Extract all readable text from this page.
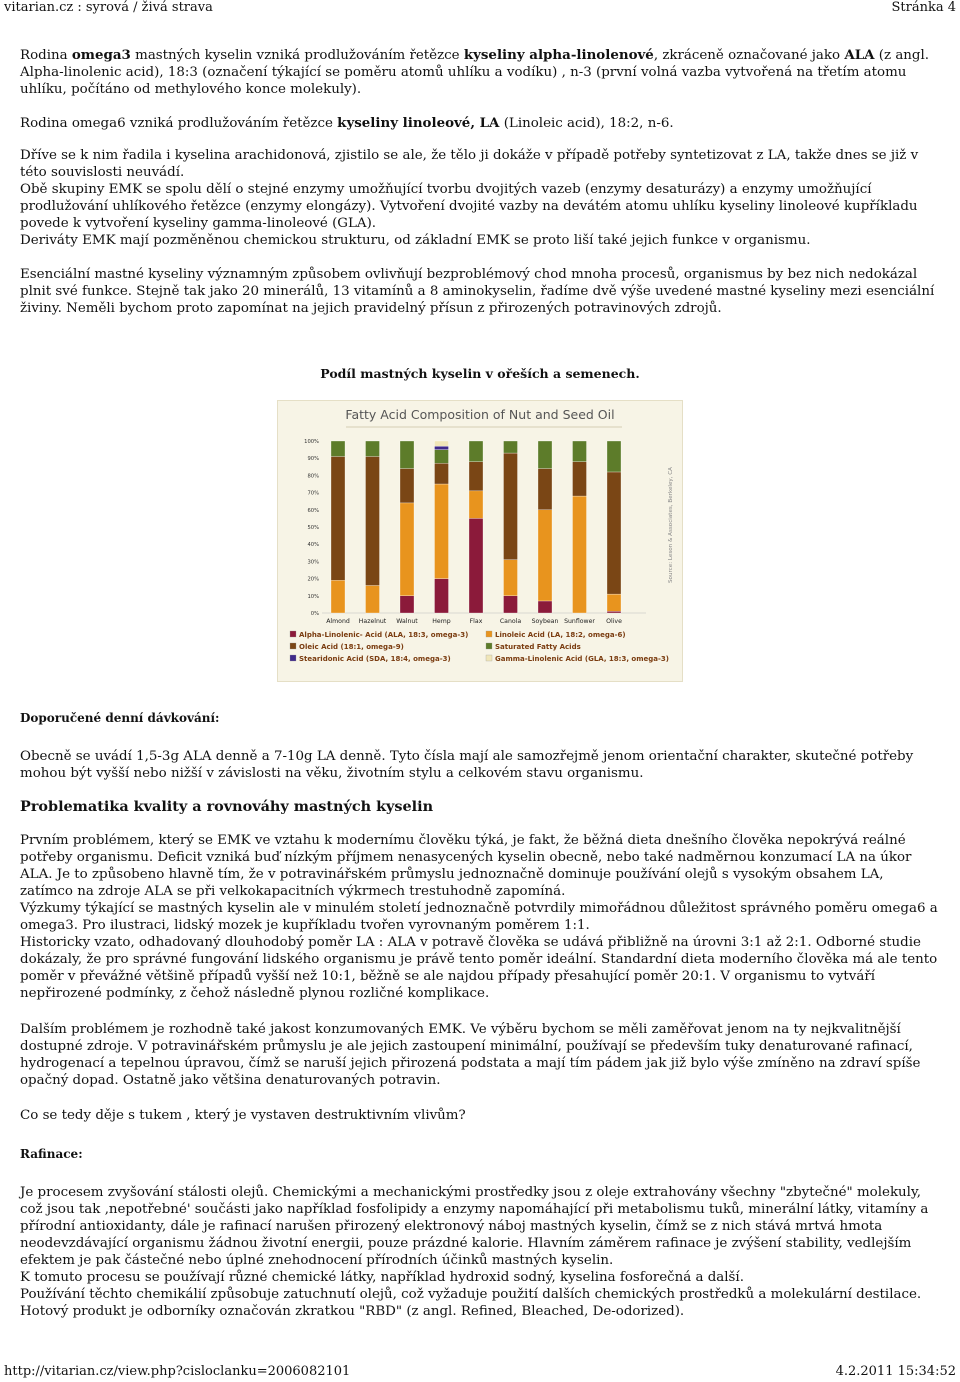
vitarian.cz : syrová / živá strava	Stránka 4

Rodina omega3 mastných kyselin vzniká prodlužováním řetězce kyseliny alpha-linolenové, zkráceně označované jako ALA (z angl. Alpha-linolenic acid), 18:3 (označení týkající se poměru atomů uhlíku a vodíku) , n-3 (první volná vazba vytvořená na třetím atomu uhlíku, počítáno od methylového konce molekuly).

Rodina omega6 vzniká prodlužováním řetězce kyseliny linoleové, LA (Linoleic acid), 18:2, n-6.

Dříve se k nim řadila i kyselina arachidonová, zjistilo se ale, že tělo ji dokáže v případě potřeby syntetizovat z LA, takže dnes se již v této souvislosti neuvádí.

Obě skupiny EMK se spolu dělí o stejné enzymy umožňující tvorbu dvojitých vazeb (enzymy desaturázy) a enzymy umožňující prodlužování uhlíkového řetězce (enzymy elongázy). Vytvoření dvojité vazby na devátém atomu uhlíku kyseliny linoleové kupříkladu povede k vytvoření kyseliny gamma-linoleové (GLA).

Deriváty EMK mají pozměněnou chemickou strukturu, od základní EMK se proto liší také jejich funkce v organismu.

Esenciální mastné kyseliny významným způsobem ovlivňují bezproblémový chod mnoha procesů, organismus by bez nich nedokázal plnit své funkce. Stejně tak jako 20 minerálů, 13 vitamínů a 8 aminokyselin, řadíme dvě výše uvedené mastné kyseliny mezi esenciální živiny. Neměli bychom proto zapomínat na jejich pravidelný přísun z přirozených potravinových zdrojů.

Podíl mastných kyselin v ořeších a semenech.
Fatty Acid Composition of Nut and Seed Oil
0%
10%
20%
30%
40%
50%
60%
70%
80%
90%
100%
Almond Hazelnut Walnut Hemp	Flax	Canola Soybean Sunflower Olive
Source: Leson & Associates, Berkeley, CA
Alpha-Linolenic- Acid (ALA, 18:3, omega-3)	Linoleic Acid (LA, 18:2, omega-6)
Oleic Acid (18:1, omega-9)	Saturated Fatty Acids
Stearidonic Acid (SDA, 18:4, omega-3)	Gamma-Linolenic Acid (GLA, 18:3, omega-3)
Doporučené denní dávkování:

Obecně se uvádí 1,5-3g ALA denně a 7-10g LA denně. Tyto čísla mají ale samozřejmě jenom orientační charakter, skutečné potřeby mohou být vyšší nebo nižší v závislosti na věku, životním stylu a celkovém stavu organismu.

Problematika kvality a rovnováhy mastných kyselin

Prvním problémem, který se EMK ve vztahu k modernímu člověku týká, je fakt, že běžná dieta dnešního člověka nepokrývá reálné potřeby organismu. Deficit vzniká buď nízkým příjmem nenasycených kyselin obecně, nebo také nadměrnou konzumací LA na úkor ALA. Je to způsobeno hlavně tím, že v potravinářském průmyslu jednoznačně dominuje používání olejů s vysokým obsahem LA, zatímco na zdroje ALA se při velkokapacitních výkrmech trestuhodně zapomíná.

Výzkumy týkající se mastných kyselin ale v minulém století jednoznačně potvrdily mimořádnou důležitost správného poměru omega6 a omega3. Pro ilustraci, lidský mozek je kupříkladu tvořen vyrovnaným poměrem 1:1.

Historicky vzato, odhadovaný dlouhodobý poměr LA : ALA v potravě člověka se udává přibližně na úrovni 3:1 až 2:1. Odborné studie dokázaly, že pro správné fungování lidského organismu je právě tento poměr ideální. Standardní dieta moderního člověka má ale tento poměr v převážné většině případů vyšší než 10:1, běžně se ale najdou případy přesahující poměr 20:1. V organismu to vytváří nepřirozené podmínky, z čehož následně plynou rozličné komplikace.

Dalším problémem je rozhodně také jakost konzumovaných EMK. Ve výběru bychom se měli zaměřovat jenom na ty nejkvalitnější dostupné zdroje. V potravinářském průmyslu je ale jejich zastoupení minimální, používají se především tuky denaturované rafinací, hydrogenací a tepelnou úpravou, čímž se naruší jejich přirozená podstata a mají tím pádem jak již bylo výše zmíněno na zdraví spíše opačný dopad. Ostatně jako většina denaturovaných potravin.

Co se tedy děje s tukem , který je vystaven destruktivním vlivům?

Rafinace:

Je procesem zvyšování stálosti olejů. Chemickými a mechanickými prostředky jsou z oleje extrahovány všechny "zbytečné" molekuly, což jsou tak ‚nepotřebné' součásti jako například fosfolipidy a enzymy napomáhající při metabolismu tuků, minerální látky, vitamíny a přírodní antioxidanty, dále je rafinací narušen přirozený elektronový náboj mastných kyselin, čímž se z nich stává mrtvá hmota neodevzdávající organismu žádnou životní energii, pouze prázdné kalorie. Hlavním záměrem rafinace je zvýšení stability, vedlejším efektem je pak částečné nebo úplné znehodnocení přírodních účinků mastných kyselin.

K tomuto procesu se používají různé chemické látky, například hydroxid sodný, kyselina fosforečná a další.

Používání těchto chemikálií způsobuje zatuchnutí olejů, což vyžaduje použití dalších chemických prostředků a molekulární destilace.

Hotový produkt je odborníky označován zkratkou "RBD" (z angl. Refined, Bleached, De-odorized).

http://vitarian.cz/view.php?cisloclanku=2006082101	4.2.2011 15:34:52
